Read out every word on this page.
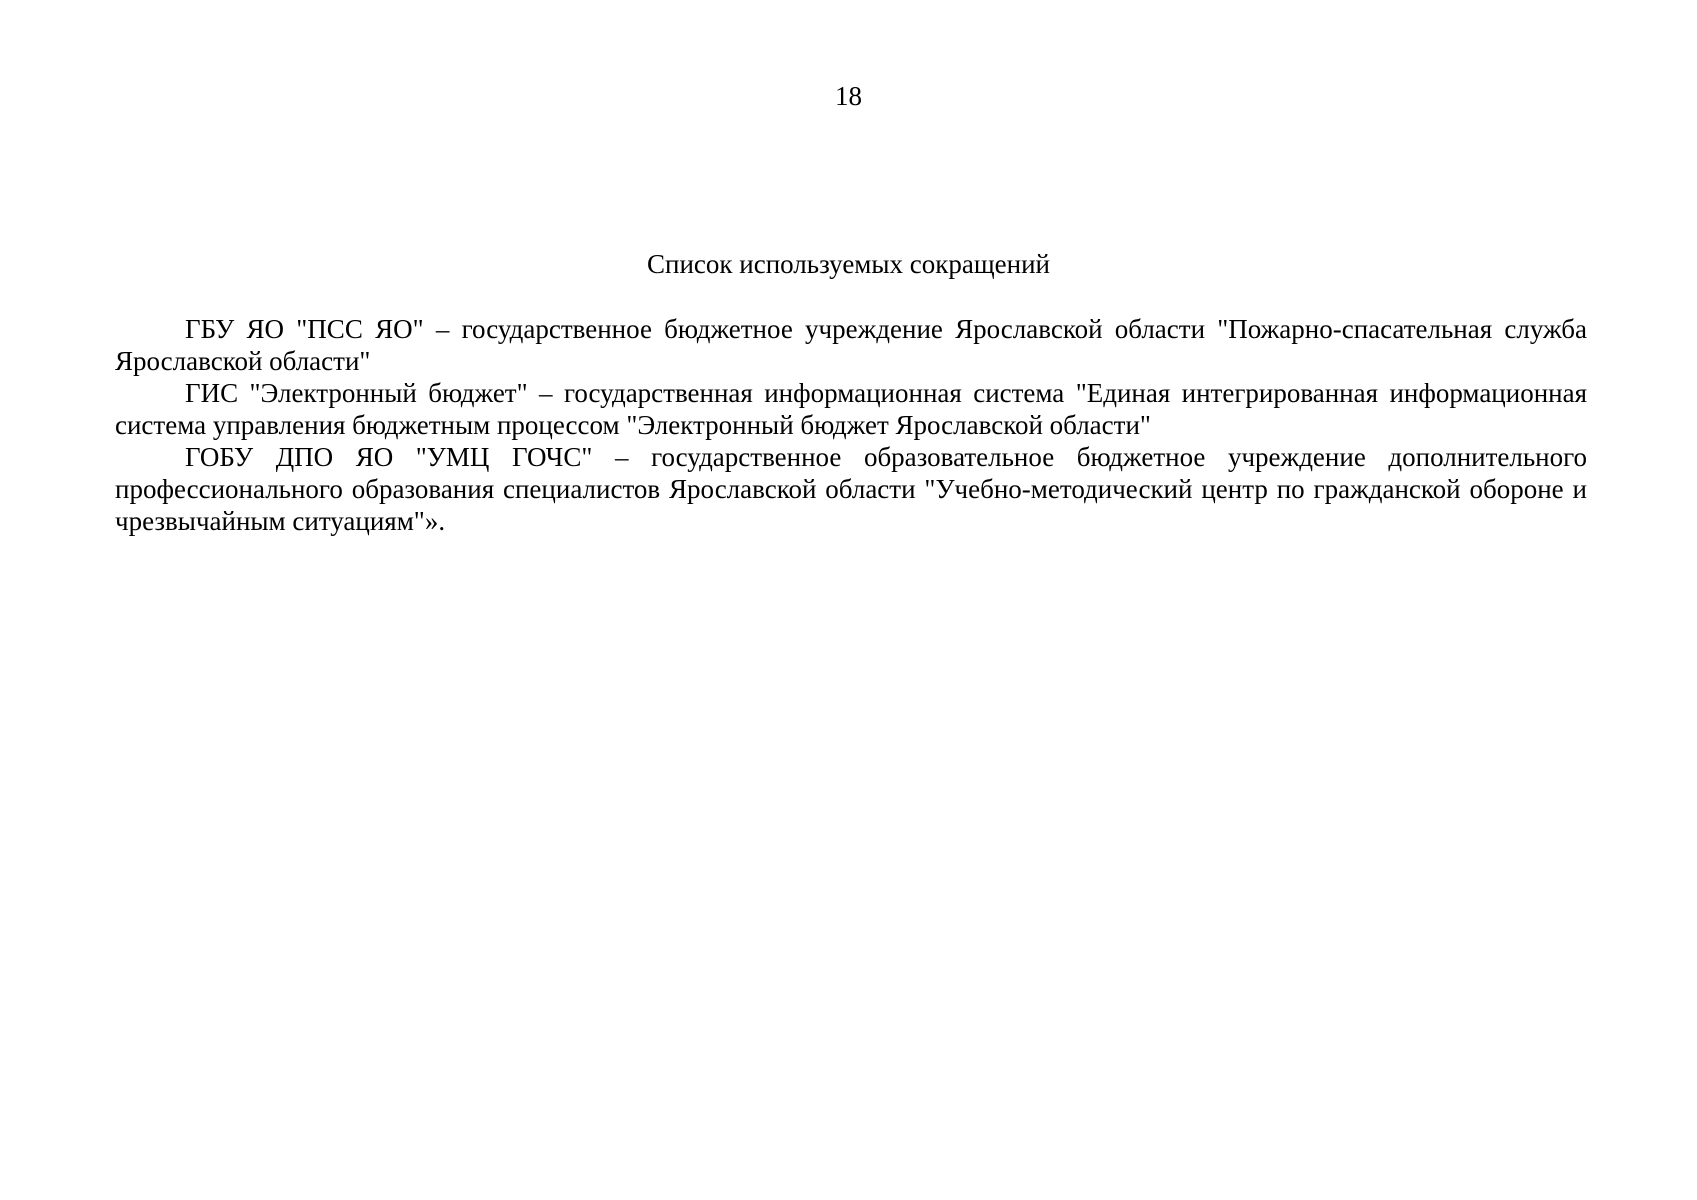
18

Список используемых сокращений

ГБУ ЯО "ПСС ЯО" – государственное бюджетное учреждение Ярославской области "Пожарно-спасательная служба Ярославской области"

ГИС "Электронный бюджет" – государственная информационная система "Единая интегрированная информационная система управления бюджетным процессом "Электронный бюджет Ярославской области"

ГОБУ ДПО ЯО "УМЦ ГОЧС" – государственное образовательное бюджетное учреждение дополнительного профессионального образования специалистов Ярославской области "Учебно-методический центр по гражданской обороне и чрезвычайным ситуациям"».
